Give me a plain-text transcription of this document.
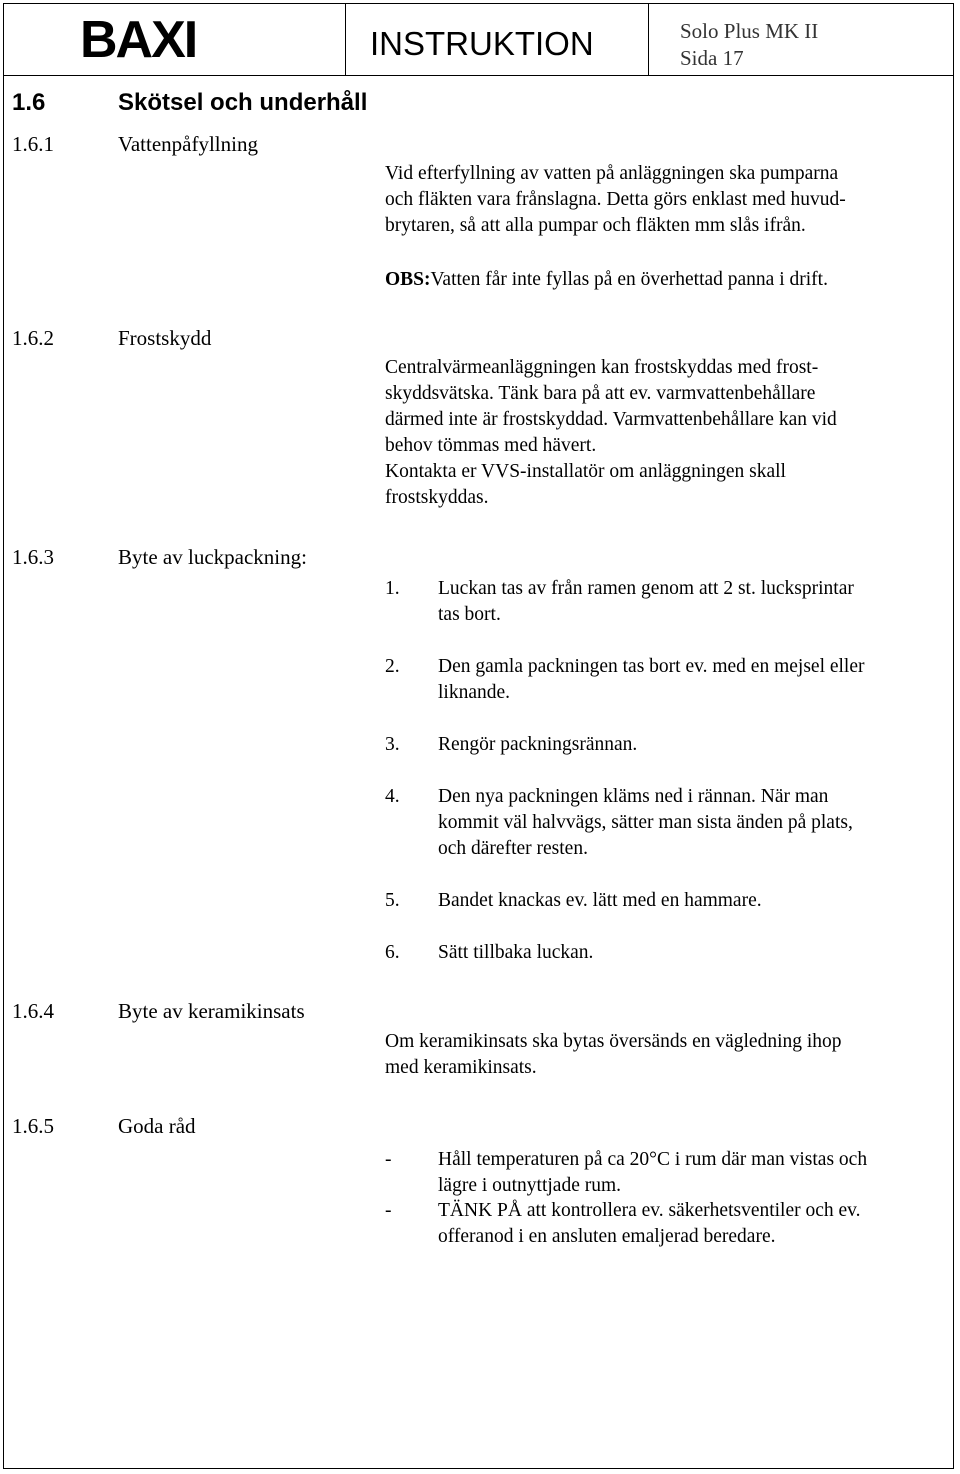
BAXI	INSTRUKTION	Solo Plus MK II
Sida 17
1.6	Skötsel och underhåll
1.6.1	Vattenpåfyllning
Vid efterfyllning av vatten på anläggningen ska pumparna
och fläkten vara frånslagna. Detta görs enklast med huvud-
brytaren, så att alla pumpar och fläkten mm slås ifrån.
OBS:Vatten får inte fyllas på en överhettad panna i drift.
1.6.2	Frostskydd
Centralvärmeanläggningen kan frostskyddas med frost-
skyddsvätska. Tänk bara på att ev. varmvattenbehållare
därmed inte är frostskyddad. Varmvattenbehållare kan vid
behov tömmas med hävert.
Kontakta er VVS-installatör om anläggningen skall
frostskyddas.
1.6.3	Byte av luckpackning:
1. Luckan tas av från ramen genom att 2 st. lucksprintar
tas bort.
2. Den gamla packningen tas bort ev. med en mejsel eller
liknande.
3. Rengör packningsrännan.
4. Den nya packningen kläms ned i rännan. När man
kommit väl halvvägs, sätter man sista änden på plats,
och därefter resten.
5. Bandet knackas ev. lätt med en hammare.
6. Sätt tillbaka luckan.
1.6.4	Byte av keramikinsats
Om keramikinsats ska bytas översänds en vägledning ihop
med keramikinsats.
1.6.5	Goda råd
- Håll temperaturen på ca 20°C i rum där man vistas och
lägre i outnyttjade rum.
- TÄNK PÅ att kontrollera ev. säkerhetsventiler och ev.
offeranod i en ansluten emaljerad beredare.
